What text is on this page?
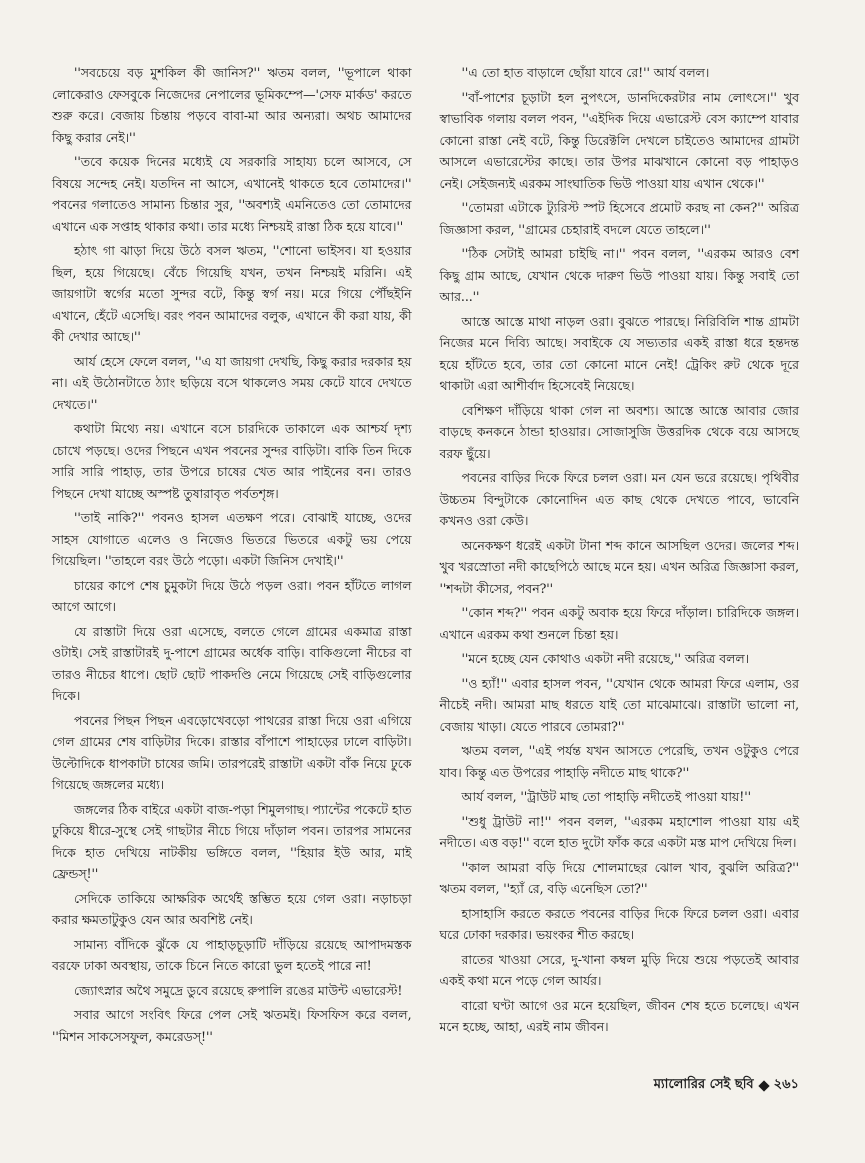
''সবচেয়ে বড় মুশকিল কী জানিস?'' ঋতম বলল, ''ভূপালে থাকা লোকেরাও ফেসবুকে নিজেদের নেপালের ভূমিকম্পে—'সেফ মার্কড' করতে শুরু করে। বেজায় চিন্তায় পড়বে বাবা-মা আর অন্যরা। অথচ আমাদের কিছু করার নেই।''

''তবে কয়েক দিনের মধ্যেই যে সরকারি সাহায্য চলে আসবে, সে বিষয়ে সন্দেহ নেই। যতদিন না আসে, এখানেই থাকতে হবে তোমাদের।'' পবনের গলাতেও সামান্য চিন্তার সুর, ''অবশ্যই এমনিতেও তো তোমাদের এখানে এক সপ্তাহ থাকার কথা। তার মধ্যে নিশ্চয়ই রাস্তা ঠিক হয়ে যাবে।''

হঠাৎ গা ঝাড়া দিয়ে উঠে বসল ঋতম, ''শোনো ভাইসব। যা হওয়ার ছিল, হয়ে গিয়েছে। বেঁচে গিয়েছি যখন, তখন নিশ্চয়ই মরিনি। এই জায়গাটা স্বর্গের মতো সুন্দর বটে, কিন্তু স্বর্গ নয়। মরে গিয়ে পৌঁছইনি এখানে, হেঁটে এসেছি। বরং পবন আমাদের বলুক, এখানে কী করা যায়, কী কী দেখার আছে।''

আর্য হেসে ফেলে বলল, ''এ যা জায়গা দেখছি, কিছু করার দরকার হয় না। এই উঠোনটাতে ঠ্যাং ছড়িয়ে বসে থাকলেও সময় কেটে যাবে দেখতে দেখতে।''

কথাটা মিথ্যে নয়। এখানে বসে চারদিকে তাকালে এক আশ্চর্য দৃশ্য চোখে পড়ছে। ওদের পিছনে এখন পবনের সুন্দর বাড়িটা। বাকি তিন দিকে সারি সারি পাহাড়, তার উপরে চাষের খেত আর পাইনের বন। তারও পিছনে দেখা যাচ্ছে অস্পষ্ট তুষারাবৃত পর্বতশৃঙ্গ।

''তাই নাকি?'' পবনও হাসল এতক্ষণ পরে। বোঝাই যাচ্ছে, ওদের সাহস যোগাতে এলেও ও নিজেও ভিতরে ভিতরে একটু ভয় পেয়ে গিয়েছিল। ''তাহলে বরং উঠে পড়ো। একটা জিনিস দেখাই।''

চায়ের কাপে শেষ চুমুকটা দিয়ে উঠে পড়ল ওরা। পবন হাঁটতে লাগল আগে আগে।

যে রাস্তাটা দিয়ে ওরা এসেছে, বলতে গেলে গ্রামের একমাত্র রাস্তা ওটাই। সেই রাস্তাটারই দু-পাশে গ্রামের অর্ধেক বাড়ি। বাকিগুলো নীচের বা তারও নীচের ধাপে। ছোট ছোট পাকদণ্ডি নেমে গিয়েছে সেই বাড়িগুলোর দিকে।

পবনের পিছন পিছন এবড়োখেবড়ো পাথরের রাস্তা দিয়ে ওরা এগিয়ে গেল গ্রামের শেষ বাড়িটার দিকে। রাস্তার বাঁপাশে পাহাড়ের ঢালে বাড়িটা। উল্টোদিকে ধাপকাটা চাষের জমি। তারপরেই রাস্তাটা একটা বাঁক নিয়ে ঢুকে গিয়েছে জঙ্গলের মধ্যে।

জঙ্গলের ঠিক বাইরে একটা বাজ-পড়া শিমুলগাছ। প্যান্টের পকেটে হাত ঢুকিয়ে ধীরে-সুস্থে সেই গাছটার নীচে গিয়ে দাঁড়াল পবন। তারপর সামনের দিকে হাত দেখিয়ে নাটকীয় ভঙ্গিতে বলল, ''হিয়ার ইউ আর, মাই ফ্রেন্ডস্!''

সেদিকে তাকিয়ে আক্ষরিক অর্থেই স্তম্ভিত হয়ে গেল ওরা। নড়াচড়া করার ক্ষমতাটুকুও যেন আর অবশিষ্ট নেই।

সামান্য বাঁদিকে ঝুঁকে যে পাহাড়চূড়াটি দাঁড়িয়ে রয়েছে আপাদমস্তক বরফে ঢাকা অবস্থায়, তাকে চিনে নিতে কারো ভুল হতেই পারে না!

জ্যোৎস্নার অথৈ সমুদ্রে ডুবে রয়েছে রুপালি রঙের মাউন্ট এভারেস্ট!

সবার আগে সংবিৎ ফিরে পেল সেই ঋতমই। ফিসফিস করে বলল, ''মিশন সাকসেসফুল, কমরেডস্!''

''এ তো হাত বাড়ালে ছোঁয়া যাবে রে!'' আর্য বলল।

''বাঁ-পাশের চূড়াটা হল নুপৎসে, ডানদিকেরটার নাম লোৎসে।'' খুব স্বাভাবিক গলায় বলল পবন, ''এইদিক দিয়ে এভারেস্ট বেস ক্যাম্পে যাবার কোনো রাস্তা নেই বটে, কিন্তু ডিরেক্টলি দেখলে চাইতেও আমাদের গ্রামটা আসলে এভারেস্টের কাছে। তার উপর মাঝখানে কোনো বড় পাহাড়ও নেই। সেইজন্যই এরকম সাংঘাতিক ভিউ পাওয়া যায় এখান থেকে।''

''তোমরা এটাকে ট্যুরিস্ট স্পট হিসেবে প্রমোট করছ না কেন?'' অরিত্র জিজ্ঞাসা করল, ''গ্রামের চেহারাই বদলে যেতে তাহলে।''

''ঠিক সেটাই আমরা চাইছি না।'' পবন বলল, ''এরকম আরও বেশ কিছু গ্রাম আছে, যেখান থেকে দারুণ ভিউ পাওয়া যায়। কিন্তু সবাই তো আর...''

আস্তে আস্তে মাথা নাড়ল ওরা। বুঝতে পারছে। নিরিবিলি শান্ত গ্রামটা নিজের মনে দিব্যি আছে। সবাইকে যে সভ্যতার একই রাস্তা ধরে হন্তদন্ত হয়ে হাঁটতে হবে, তার তো কোনো মানে নেই! ট্রেকিং রুট থেকে দূরে থাকাটা এরা আশীর্বাদ হিসেবেই নিয়েছে।

বেশিক্ষণ দাঁড়িয়ে থাকা গেল না অবশ্য। আস্তে আস্তে আবার জোর বাড়ছে কনকনে ঠান্ডা হাওয়ার। সোজাসুজি উত্তরদিক থেকে বয়ে আসছে বরফ ছুঁয়ে।

পবনের বাড়ির দিকে ফিরে চলল ওরা। মন যেন ভরে রয়েছে। পৃথিবীর উচ্চতম বিন্দুটাকে কোনোদিন এত কাছ থেকে দেখতে পাবে, ভাবেনি কখনও ওরা কেউ।

অনেকক্ষণ ধরেই একটা টানা শব্দ কানে আসছিল ওদের। জলের শব্দ। খুব খরস্রোতা নদী কাছেপিঠে আছে মনে হয়। এখন অরিত্র জিজ্ঞাসা করল, ''শব্দটা কীসের, পবন?''

''কোন শব্দ?'' পবন একটু অবাক হয়ে ফিরে দাঁড়াল। চারিদিকে জঙ্গল। এখানে এরকম কথা শুনলে চিন্তা হয়।

''মনে হচ্ছে যেন কোথাও একটা নদী রয়েছে,'' অরিত্র বলল।

''ও হ্যাঁ!'' এবার হাসল পবন, ''যেখান থেকে আমরা ফিরে এলাম, ওর নীচেই নদী। আমরা মাছ ধরতে যাই তো মাঝেমাঝে। রাস্তাটা ভালো না, বেজায় খাড়া। যেতে পারবে তোমরা?''

ঋতম বলল, ''এই পর্যন্ত যখন আসতে পেরেছি, তখন ওটুকুও পেরে যাব। কিন্তু এত উপরের পাহাড়ি নদীতে মাছ থাকে?''

আর্য বলল, ''ট্রাউট মাছ তো পাহাড়ি নদীতেই পাওয়া যায়!''

''শুধু ট্রাউট না!'' পবন বলল, ''এরকম মহাশোল পাওয়া যায় এই নদীতে। এত্ত বড়!'' বলে হাত দুটো ফাঁক করে একটা মস্ত মাপ দেখিয়ে দিল।

''কাল আমরা বড়ি দিয়ে শোলমাছের ঝোল খাব, বুঝলি অরিত্র?'' ঋতম বলল, ''হ্যাঁ রে, বড়ি এনেছিস তো?''

হাসাহাসি করতে করতে পবনের বাড়ির দিকে ফিরে চলল ওরা। এবার ঘরে ঢোকা দরকার। ভয়ংকর শীত করছে।

রাতের খাওয়া সেরে, দু-খানা কম্বল মুড়ি দিয়ে শুয়ে পড়তেই আবার একই কথা মনে পড়ে গেল আর্যর।

বারো ঘণ্টা আগে ওর মনে হয়েছিল, জীবন শেষ হতে চলেছে। এখন মনে হচ্ছে, আহা, এরই নাম জীবন।

ম্যালোরির সেই ছবি ২৬১
